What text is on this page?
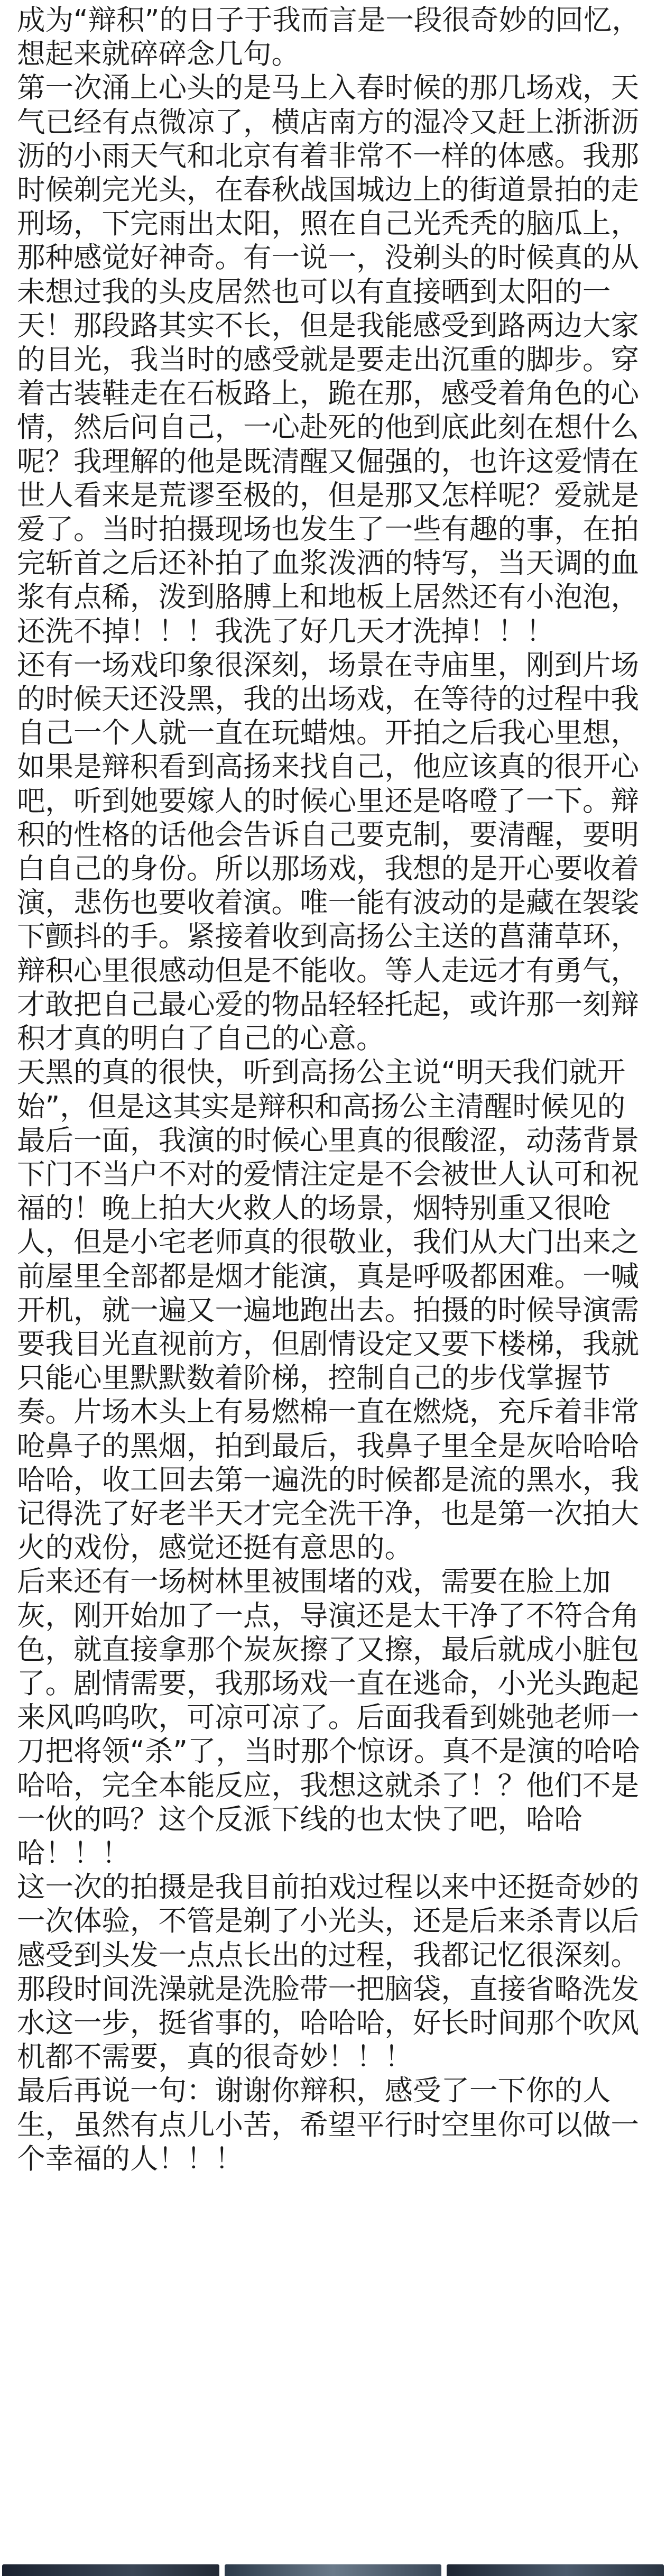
成为“辩积”的日子于我而言是一段很奇妙的回忆，想起来就碎碎念几句。

第一次涌上心头的是马上入春时候的那几场戏，天气已经有点微凉了，横店南方的湿冷又赶上浙浙沥沥的小雨天气和北京有着非常不一样的体感。我那时候剃完光头，在春秋战国城边上的街道景拍的走刑场，下完雨出太阳，照在自己光秃秃的脑瓜上，那种感觉好神奇。有一说一，没剃头的时候真的从未想过我的头皮居然也可以有直接晒到太阳的一天！那段路其实不长，但是我能感受到路两边大家的目光，我当时的感受就是要走出沉重的脚步。穿着古装鞋走在石板路上，跪在那，感受着角色的心情，然后问自己，一心赴死的他到底此刻在想什么呢？我理解的他是既清醒又倔强的，也许这爱情在世人看来是荒谬至极的，但是那又怎样呢？爱就是爱了。当时拍摄现场也发生了一些有趣的事，在拍完斩首之后还补拍了血浆泼洒的特写，当天调的血浆有点稀，泼到胳膊上和地板上居然还有小泡泡，还洗不掉！！！我洗了好几天才洗掉！！！

还有一场戏印象很深刻，场景在寺庙里，刚到片场的时候天还没黑，我的出场戏，在等待的过程中我自己一个人就一直在玩蜡烛。开拍之后我心里想，如果是辩积看到高扬来找自己，他应该真的很开心吧，听到她要嫁人的时候心里还是咯噔了一下。辩积的性格的话他会告诉自己要克制，要清醒，要明白自己的身份。所以那场戏，我想的是开心要收着演，悲伤也要收着演。唯一能有波动的是藏在袈裟下颤抖的手。紧接着收到高扬公主送的菖蒲草环，辩积心里很感动但是不能收。等人走远才有勇气，才敢把自己最心爱的物品轻轻托起，或许那一刻辩积才真的明白了自己的心意。

天黑的真的很快，听到高扬公主说“明天我们就开始”，但是这其实是辩积和高扬公主清醒时候见的最后一面，我演的时候心里真的很酸涩，动荡背景下门不当户不对的爱情注定是不会被世人认可和祝福的！晚上拍大火救人的场景，烟特别重又很呛人，但是小宅老师真的很敬业，我们从大门出来之前屋里全部都是烟才能演，真是呼吸都困难。一喊开机，就一遍又一遍地跑出去。拍摄的时候导演需要我目光直视前方，但剧情设定又要下楼梯，我就只能心里默默数着阶梯，控制自己的步伐掌握节奏。片场木头上有易燃棉一直在燃烧，充斥着非常呛鼻子的黑烟，拍到最后，我鼻子里全是灰哈哈哈哈哈，收工回去第一遍洗的时候都是流的黑水，我记得洗了好老半天才完全洗干净，也是第一次拍大火的戏份，感觉还挺有意思的。

后来还有一场树林里被围堵的戏，需要在脸上加灰，刚开始加了一点，导演还是太干净了不符合角色，就直接拿那个炭灰擦了又擦，最后就成小脏包了。剧情需要，我那场戏一直在逃命，小光头跑起来风呜呜吹，可凉可凉了。后面我看到姚弛老师一刀把将领“杀”了，当时那个惊讶。真不是演的哈哈哈哈，完全本能反应，我想这就杀了！？他们不是一伙的吗？这个反派下线的也太快了吧，哈哈哈！！！

这一次的拍摄是我目前拍戏过程以来中还挺奇妙的一次体验，不管是剃了小光头，还是后来杀青以后感受到头发一点点长出的过程，我都记忆很深刻。那段时间洗澡就是洗脸带一把脑袋，直接省略洗发水这一步，挺省事的，哈哈哈，好长时间那个吹风机都不需要，真的很奇妙！！！

最后再说一句：谢谢你辩积，感受了一下你的人生，虽然有点儿小苦，希望平行时空里你可以做一个幸福的人！！！
